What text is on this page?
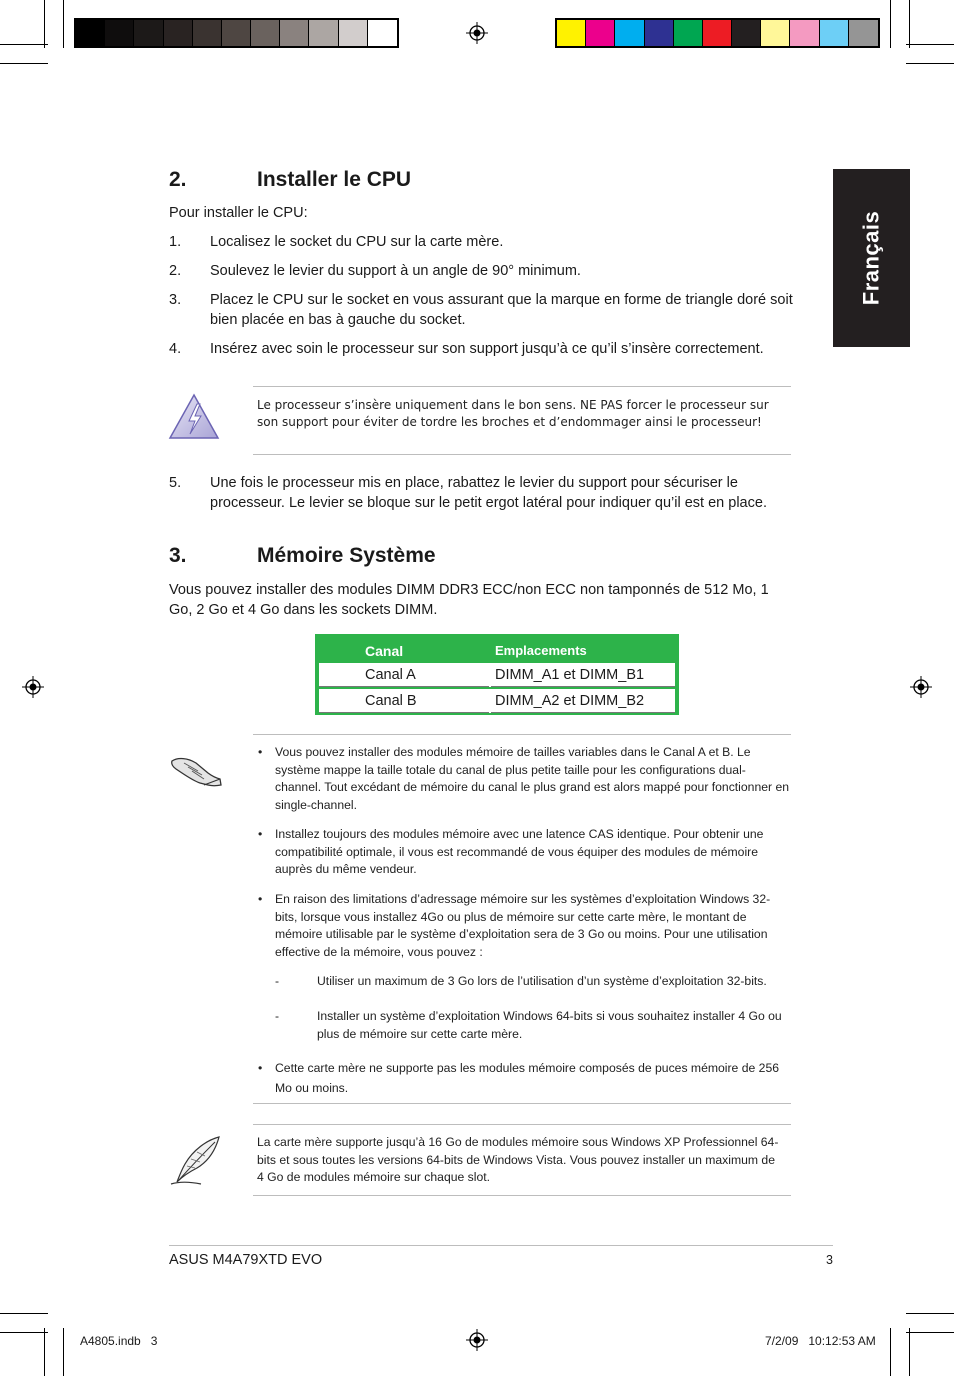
Français
2.	Installer le CPU

Pour installer le CPU:

1. Localisez le socket du CPU sur la carte mère.
2. Soulevez le levier du support à un angle de 90° minimum.
3. Placez le CPU sur le socket en vous assurant que la marque en forme de triangle doré soit bien placée en bas à gauche du socket.
4. Insérez avec soin le processeur sur son support jusqu’à ce qu’il s’insère correctement.
Le processeur s’insère uniquement dans le bon sens. NE PAS forcer le processeur sur son support pour éviter de tordre les broches et d’endommager ainsi le processeur!
5. Une fois le processeur mis en place, rabattez le levier du support pour sécuriser le processeur. Le levier se bloque sur le petit ergot latéral pour indiquer qu’il est en place.
3.	Mémoire Système

Vous pouvez installer des modules DIMM DDR3 ECC/non ECC non tamponnés de 512 Mo, 1 Go, 2 Go et 4 Go dans les sockets DIMM.

Canal	Emplacements
Canal A	DIMM_A1 et DIMM_B1
Canal B	DIMM_A2 et DIMM_B2
• Vous pouvez installer des modules mémoire de tailles variables dans le Canal A et B. Le système mappe la taille totale du canal de plus petite taille pour les configurations dual-channel. Tout excédant de mémoire du canal le plus grand est alors mappé pour fonctionner en single-channel.
• Installez toujours des modules mémoire avec une latence CAS identique. Pour obtenir une compatibilité optimale, il vous est recommandé de vous équiper des modules de mémoire auprès du même vendeur.
• En raison des limitations d’adressage mémoire sur les systèmes d’exploitation Windows 32-bits, lorsque vous installez 4Go ou plus de mémoire sur cette carte mère, le montant de mémoire utilisable par le système d’exploitation sera de 3 Go ou moins. Pour une utilisation effective de la mémoire, vous pouvez :
-	Utiliser un maximum de 3 Go lors de l’utilisation d’un système d’exploitation 32-bits.
-	Installer un système d’exploitation Windows 64-bits si vous souhaitez installer 4 Go ou plus de mémoire sur cette carte mère.
• Cette carte mère ne supporte pas les modules mémoire composés de puces mémoire de 256 Mo ou moins.
La carte mère supporte jusqu’à 16 Go de modules mémoire sous Windows XP Professionnel 64-bits et sous toutes les versions 64-bits de Windows Vista. Vous pouvez installer un maximum de 4 Go de modules mémoire sur chaque slot.
ASUS M4A79XTD EVO	3
A4805.indb   3	7/2/09   10:12:53 AM
